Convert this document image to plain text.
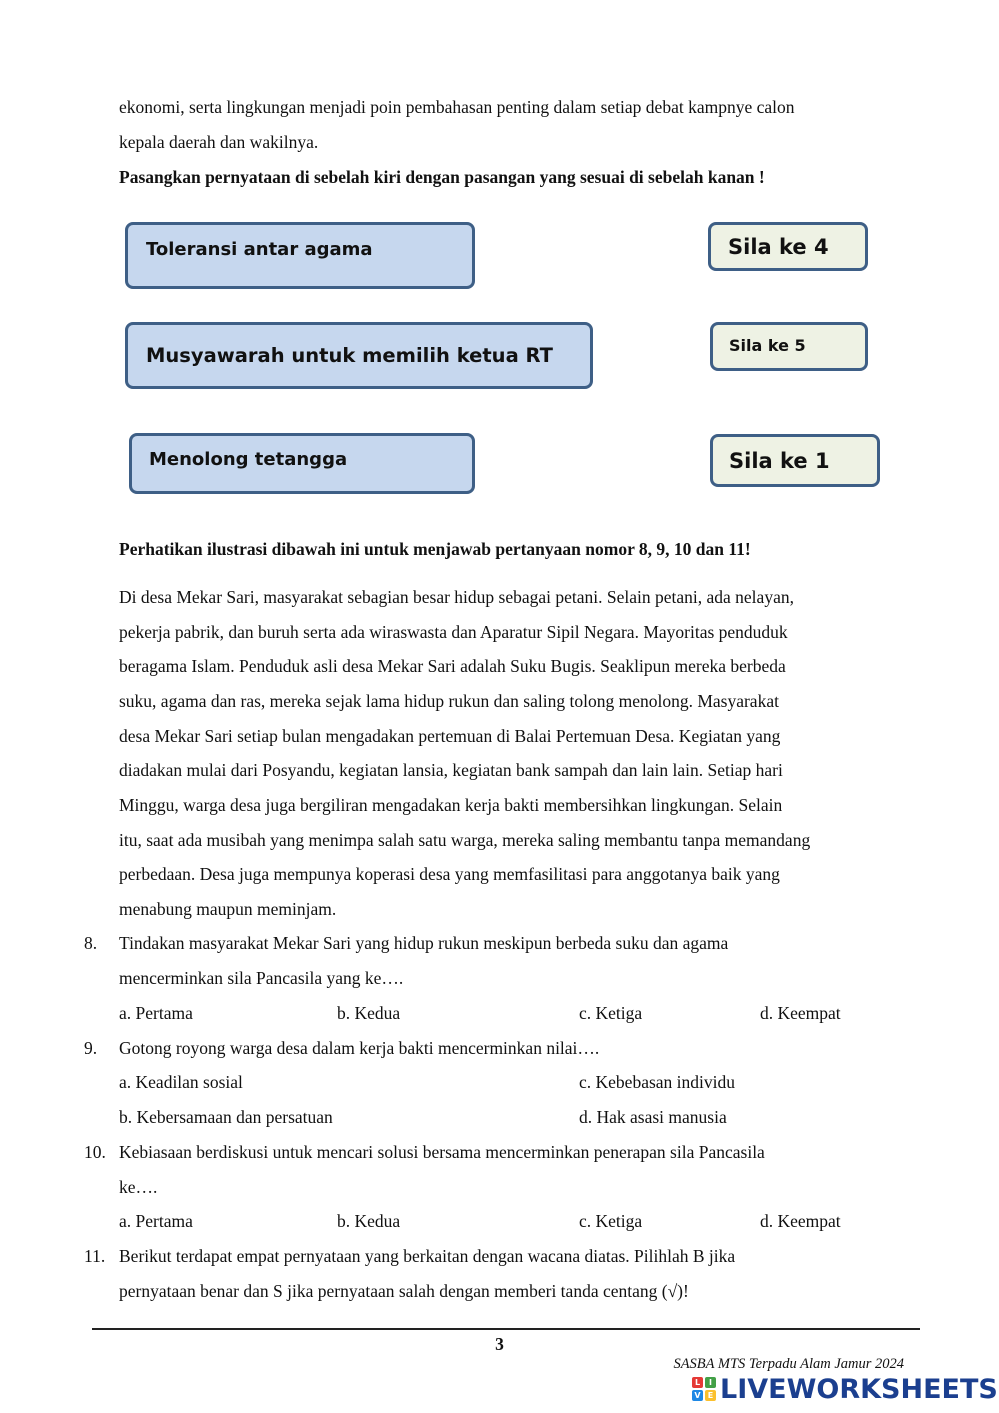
ekonomi, serta lingkungan menjadi poin pembahasan penting dalam setiap debat kampnye calon
kepala daerah dan wakilnya.
Pasangkan pernyataan di sebelah kiri dengan pasangan yang sesuai di sebelah kanan !
Toleransi antar agama
Musyawarah untuk memilih ketua RT
Menolong tetangga
Sila ke 4
Sila ke 5
Sila ke 1
Perhatikan ilustrasi dibawah ini untuk menjawab pertanyaan nomor 8, 9, 10 dan 11!
Di desa Mekar Sari, masyarakat sebagian besar hidup sebagai petani. Selain petani, ada nelayan,
pekerja pabrik, dan buruh serta ada wiraswasta dan Aparatur Sipil Negara. Mayoritas penduduk
beragama Islam. Penduduk asli desa Mekar Sari adalah Suku Bugis. Seaklipun mereka berbeda
suku, agama dan ras, mereka sejak lama hidup rukun dan saling tolong menolong. Masyarakat
desa Mekar Sari setiap bulan mengadakan pertemuan di Balai Pertemuan Desa. Kegiatan yang
diadakan mulai dari Posyandu, kegiatan lansia, kegiatan bank sampah dan lain lain. Setiap hari
Minggu, warga desa juga bergiliran mengadakan kerja bakti membersihkan lingkungan. Selain
itu, saat ada musibah yang menimpa salah satu warga, mereka saling membantu tanpa memandang
perbedaan. Desa juga mempunya koperasi desa yang memfasilitasi para anggotanya baik yang
menabung maupun meminjam.
8. Tindakan masyarakat Mekar Sari yang hidup rukun meskipun berbeda suku dan agama
mencerminkan sila Pancasila yang ke….
a. Pertama	b. Kedua	c. Ketiga	d. Keempat
9. Gotong royong warga desa dalam kerja bakti mencerminkan nilai….
a. Keadilan sosial	c. Kebebasan individu
b. Kebersamaan dan persatuan	d. Hak asasi manusia
10. Kebiasaan berdiskusi untuk mencari solusi bersama mencerminkan penerapan sila Pancasila
ke….
a. Pertama	b. Kedua	c. Ketiga	d. Keempat
11. Berikut terdapat empat pernyataan yang berkaitan dengan wacana diatas. Pilihlah B jika
pernyataan benar dan S jika pernyataan salah dengan memberi tanda centang (√)!
3
SASBA MTS Terpadu Alam Jamur 2024
L	I
V E LIVEWORKSHEETS
